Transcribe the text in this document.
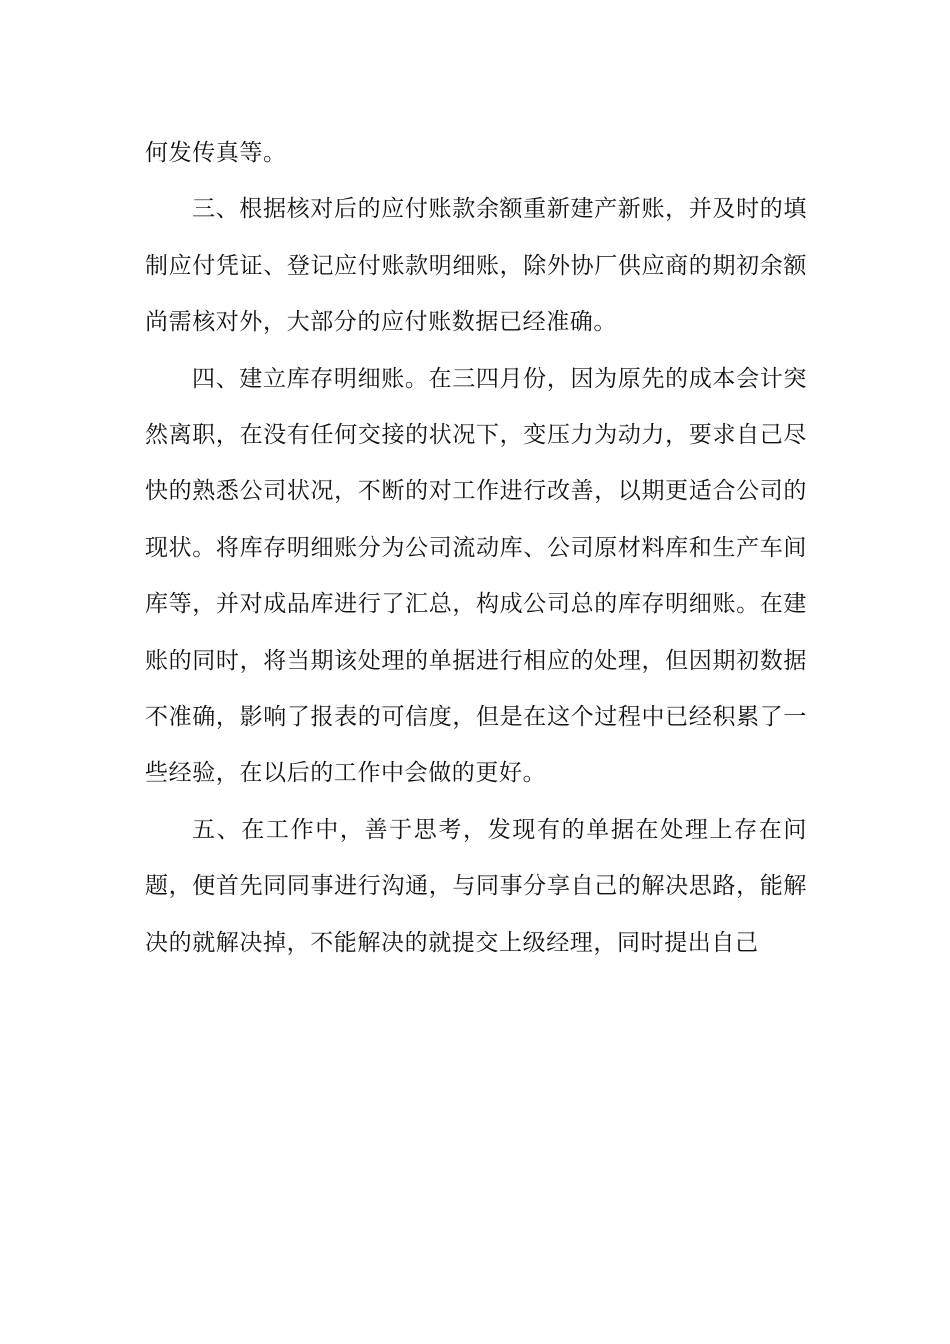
何发传真等。

三、根据核对后的应付账款余额重新建产新账，并及时的填制应付凭证、登记应付账款明细账，除外协厂供应商的期初余额尚需核对外，大部分的应付账数据已经准确。

四、建立库存明细账。在三四月份，因为原先的成本会计突然离职，在没有任何交接的状况下，变压力为动力，要求自己尽快的熟悉公司状况，不断的对工作进行改善，以期更适合公司的现状。将库存明细账分为公司流动库、公司原材料库和生产车间库等，并对成品库进行了汇总，构成公司总的库存明细账。在建账的同时，将当期该处理的单据进行相应的处理，但因期初数据不准确，影响了报表的可信度，但是在这个过程中已经积累了一些经验，在以后的工作中会做的更好。

五、在工作中，善于思考，发现有的单据在处理上存在问题，便首先同同事进行沟通，与同事分享自己的解决思路，能解决的就解决掉，不能解决的就提交上级经理，同时提出自己
